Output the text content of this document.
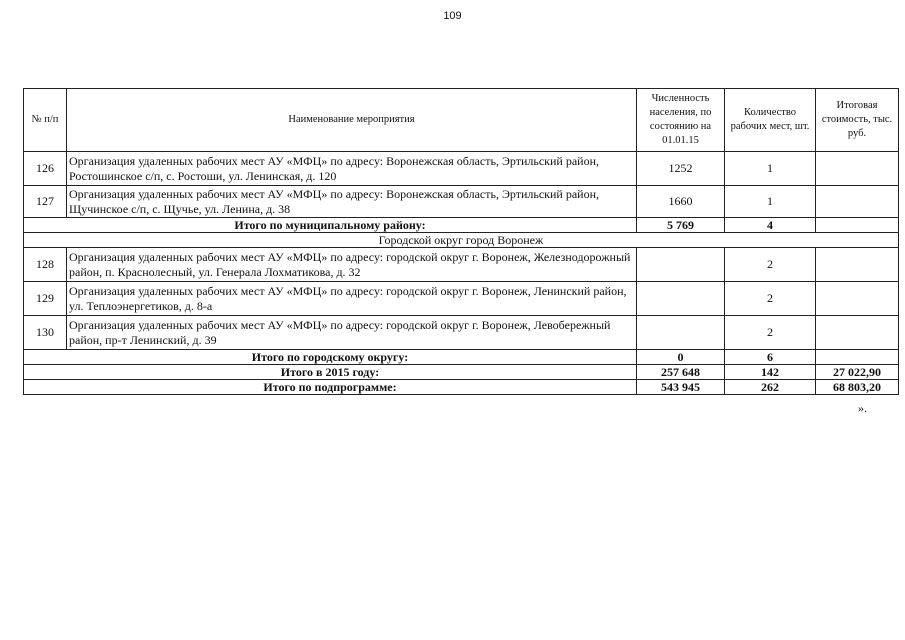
109
№ п/п	Наименование мероприятия	Численность населения, по состоянию на 01.01.15	Количество рабочих мест, шт.	Итоговая стоимость, тыс. руб.
126	Организация удаленных рабочих мест АУ «МФЦ» по адресу: Воронежская область, Эртильский район, Ростошинское с/п, с. Ростоши, ул. Ленинская, д. 120	1252	1	
127	Организация удаленных рабочих мест АУ «МФЦ» по адресу: Воронежская область, Эртильский район, Щучинское с/п, с. Щучье, ул. Ленина, д. 38	1660	1	
Итого по муниципальному району:		5 769	4	
Городской округ город Воронеж				
128	Организация удаленных рабочих мест АУ «МФЦ» по адресу: городской округ г. Воронеж, Железнодорожный район, п. Краснолесный, ул. Генерала Лохматикова, д. 32		2	
129	Организация удаленных рабочих мест АУ «МФЦ» по адресу: городской округ г. Воронеж, Ленинский район, ул. Теплоэнергетиков, д. 8-а		2	
130	Организация удаленных рабочих мест АУ «МФЦ» по адресу: городской округ г. Воронеж, Левобережный район, пр-т Ленинский, д. 39		2	
Итого по городскому округу:		0	6	
Итого в 2015 году:		257 648	142	27 022,90
Итого по подпрограмме:		543 945	262	68 803,20
».
